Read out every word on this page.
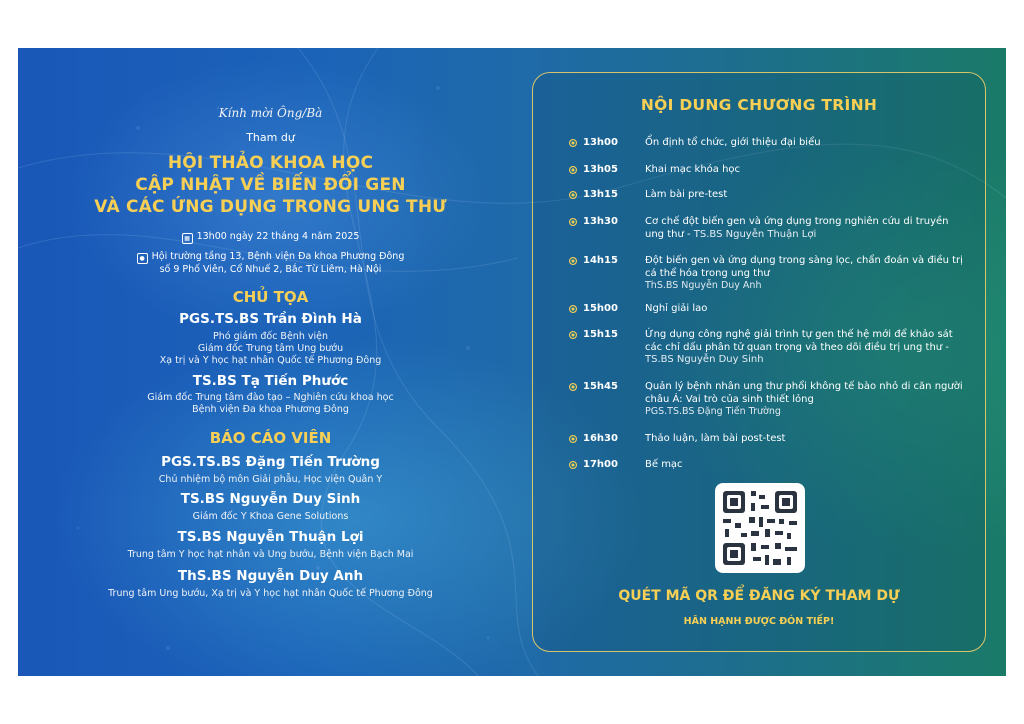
Kính mời Ông/Bà
Tham dự
HỘI THẢO KHOA HỌC
CẬP NHẬT VỀ BIẾN ĐỔI GEN
VÀ CÁC ỨNG DỤNG TRONG UNG THƯ
▦ 13h00 ngày 22 tháng 4 năm 2025
● Hội trường tầng 13, Bệnh viện Đa khoa Phương Đông
số 9 Phố Viên, Cổ Nhuế 2, Bắc Từ Liêm, Hà Nội
CHỦ TỌA
PGS.TS.BS Trần Đình Hà
Phó giám đốc Bệnh viện
Giám đốc Trung tâm Ung bướu
Xạ trị và Y học hạt nhân Quốc tế Phương Đông
TS.BS Tạ Tiến Phước
Giám đốc Trung tâm đào tạo – Nghiên cứu khoa học
Bệnh viện Đa khoa Phương Đông
BÁO CÁO VIÊN
PGS.TS.BS Đặng Tiến Trường
Chủ nhiệm bộ môn Giải phẫu, Học viện Quân Y
TS.BS Nguyễn Duy Sinh
Giám đốc Y Khoa Gene Solutions
TS.BS Nguyễn Thuận Lợi
Trung tâm Y học hạt nhân và Ung bướu, Bệnh viện Bạch Mai
ThS.BS Nguyễn Duy Anh
Trung tâm Ung bướu, Xạ trị và Y học hạt nhân Quốc tế Phương Đông
NỘI DUNG CHƯƠNG TRÌNH
13h00	Ổn định tổ chức, giới thiệu đại biểu
13h05	Khai mạc khóa học
13h15	Làm bài pre-test
13h30	Cơ chế đột biến gen và ứng dụng trong nghiên cứu di truyền ung thư - TS.BS Nguyễn Thuận Lợi
14h15	Đột biến gen và ứng dụng trong sàng lọc, chẩn đoán và điều trị cá thể hóa trong ung thư
ThS.BS Nguyễn Duy Anh
15h00	Nghỉ giải lao
15h15	Ứng dụng công nghệ giải trình tự gen thế hệ mới để khảo sát các chỉ dấu phân tử quan trọng và theo dõi điều trị ung thư - TS.BS Nguyễn Duy Sinh
15h45	Quản lý bệnh nhân ung thư phổi không tế bào nhỏ di căn người châu Á: Vai trò của sinh thiết lỏng
PGS.TS.BS Đặng Tiến Trường
16h30	Thảo luận, làm bài post-test
17h00	Bế mạc
QUÉT MÃ QR ĐỂ ĐĂNG KÝ THAM DỰ
HÂN HẠNH ĐƯỢC ĐÓN TIẾP!
